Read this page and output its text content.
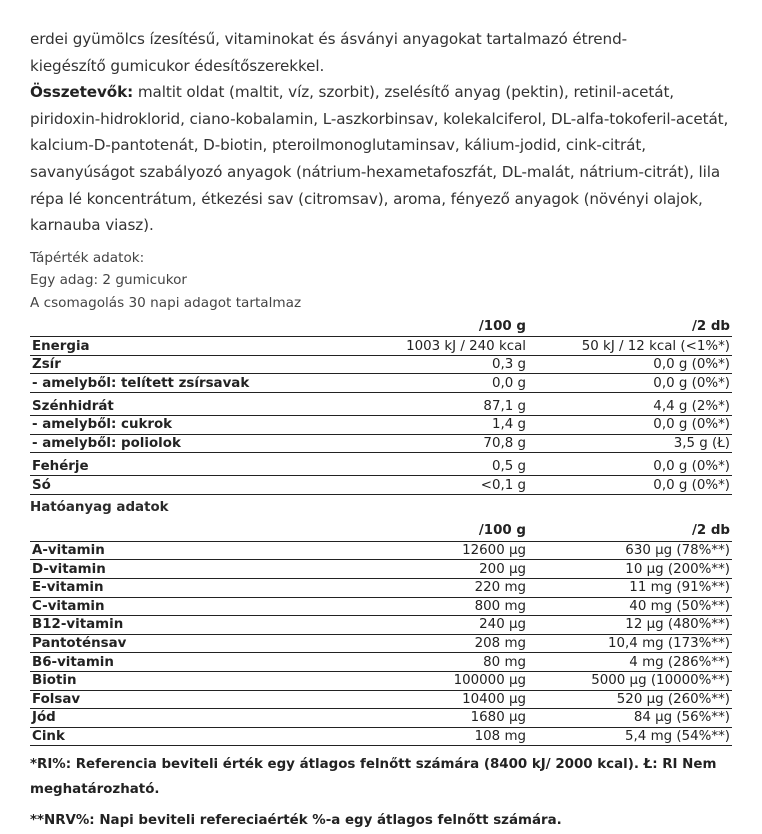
erdei gyümölcs ízesítésű, vitaminokat és ásványi anyagokat tartalmazó étrend-
kiegészítő gumicukor édesítőszerekkel.
Összetevők: maltit oldat (maltit, víz, szorbit), zselésítő anyag (pektin), retinil-acetát, piridoxin-hidroklorid, ciano-kobalamin, L-aszkorbinsav, kolekalciferol, DL-alfa-tokoferil-acetát, kalcium-D-pantotenát, D-biotin, pteroilmonoglutaminsav, kálium-jodid, cink-citrát, savanyúságot szabályozó anyagok (nátrium-hexametafoszfát, DL-malát, nátrium-citrát), lila répa lé koncentrátum, étkezési sav (citromsav), aroma, fényező anyagok (növényi olajok, karnauba viasz).
Tápérték adatok:
Egy adag: 2 gumicukor
A csomagolás 30 napi adagot tartalmaz
	/100 g	/2 db
Energia	1003 kJ / 240 kcal	50 kJ / 12 kcal (<1%*)
Zsír	0,3 g	0,0 g (0%*)
- amelyből: telített zsírsavak	0,0 g	0,0 g (0%*)
Szénhidrát	87,1 g	4,4 g (2%*)
- amelyből: cukrok	1,4 g	0,0 g (0%*)
- amelyből: poliolok	70,8 g	3,5 g (Ł)
Fehérje	0,5 g	0,0 g (0%*)
Só	<0,1 g	0,0 g (0%*)
Hatóanyag adatok
	/100 g	/2 db
A-vitamin	12600 µg	630 µg (78%**)
D-vitamin	200 µg	10 µg (200%**)
E-vitamin	220 mg	11 mg (91%**)
C-vitamin	800 mg	40 mg (50%**)
B12-vitamin	240 µg	12 µg (480%**)
Pantoténsav	208 mg	10,4 mg (173%**)
B6-vitamin	80 mg	4 mg (286%**)
Biotin	100000 µg	5000 µg (10000%**)
Folsav	10400 µg	520 µg (260%**)
Jód	1680 µg	84 µg (56%**)
Cink	108 mg	5,4 mg (54%**)
*RI%: Referencia beviteli érték egy átlagos felnőtt számára (8400 kJ/ 2000 kcal). Ł: RI Nem meghatározható.
**NRV%: Napi beviteli refereciaérték %-a egy átlagos felnőtt számára.
